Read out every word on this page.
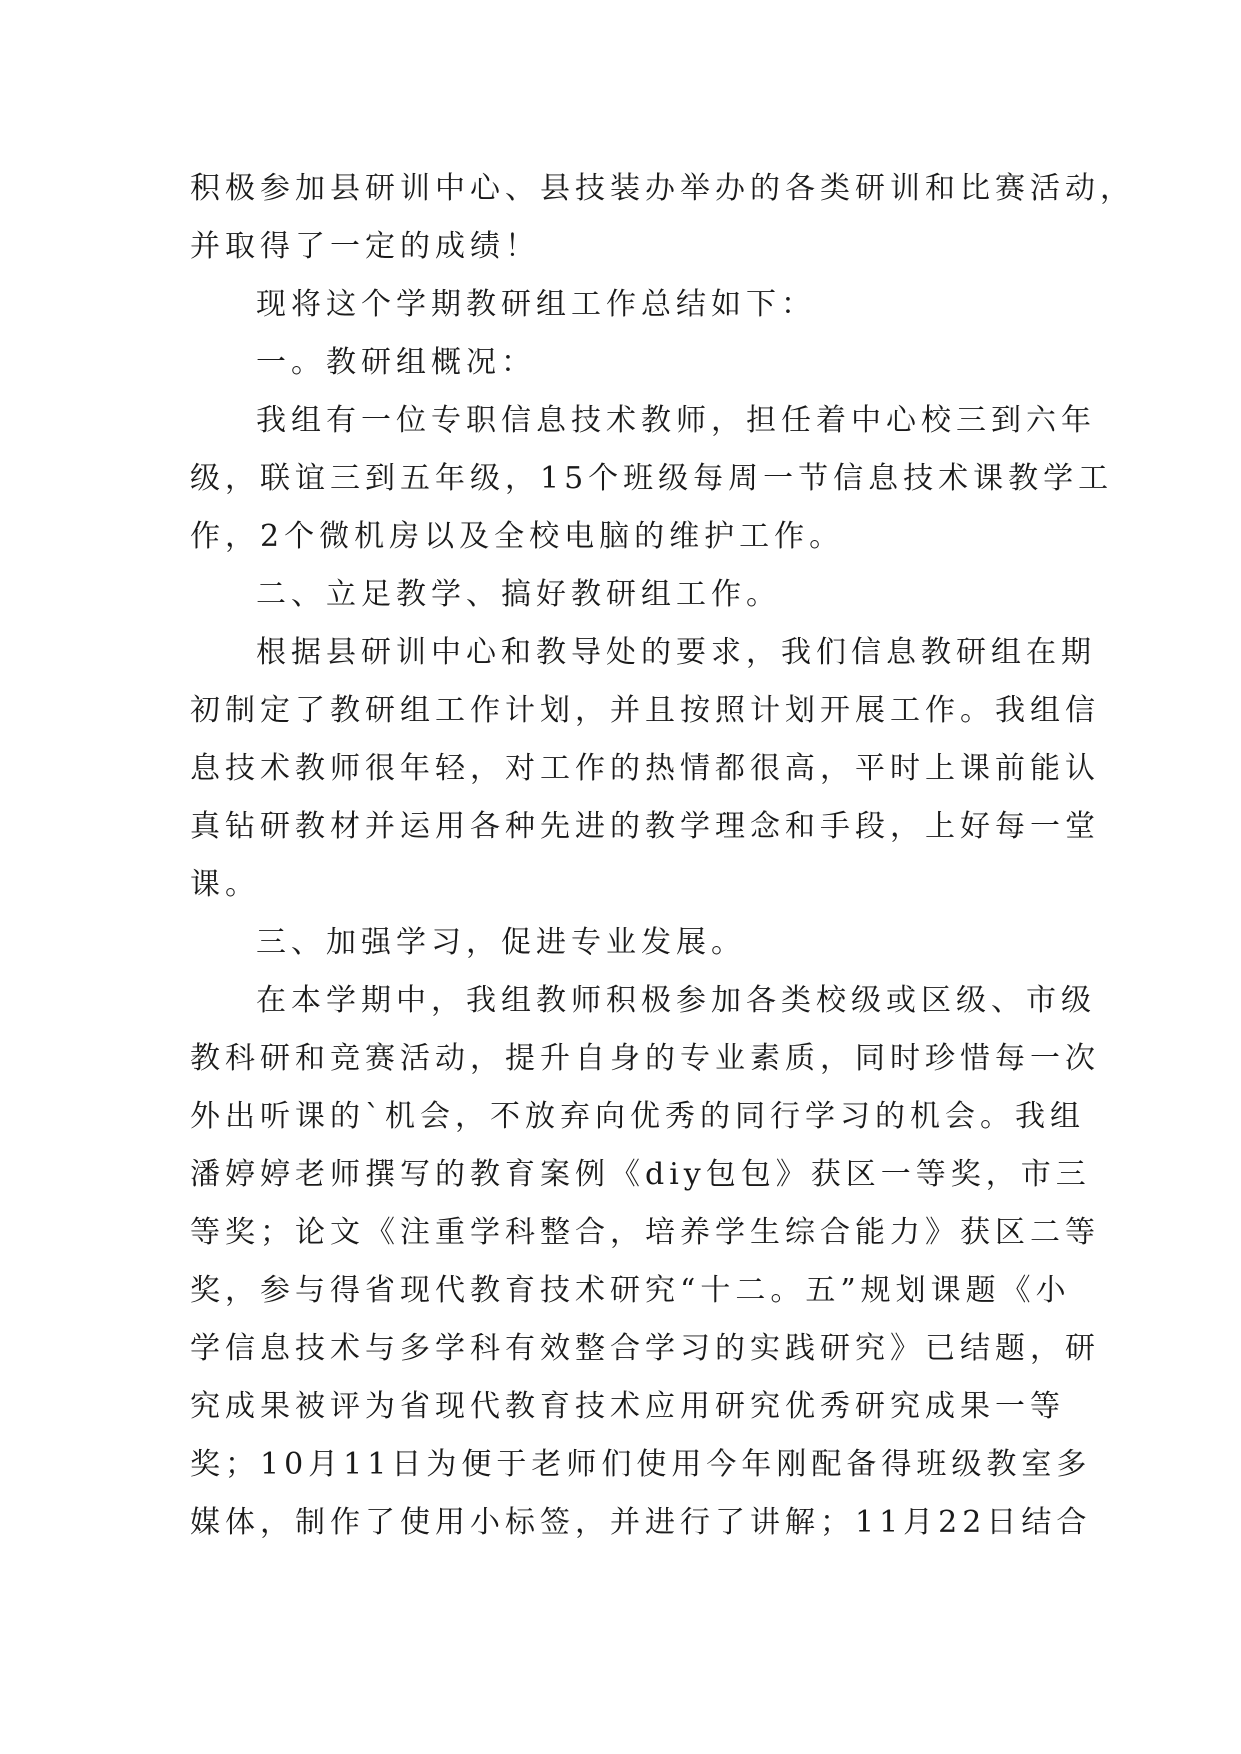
积极参加县研训中心、县技装办举办的各类研训和比赛活动，

并取得了一定的成绩！

现将这个学期教研组工作总结如下：

一。教研组概况：

我组有一位专职信息技术教师，担任着中心校三到六年

级，联谊三到五年级，15个班级每周一节信息技术课教学工

作，2个微机房以及全校电脑的维护工作。

二、立足教学、搞好教研组工作。

根据县研训中心和教导处的要求，我们信息教研组在期

初制定了教研组工作计划，并且按照计划开展工作。我组信

息技术教师很年轻，对工作的热情都很高，平时上课前能认

真钻研教材并运用各种先进的教学理念和手段，上好每一堂

课。

三、加强学习，促进专业发展。

在本学期中，我组教师积极参加各类校级或区级、市级

教科研和竞赛活动，提升自身的专业素质，同时珍惜每一次

外出听课的`机会，不放弃向优秀的同行学习的机会。我组

潘婷婷老师撰写的教育案例《diy包包》获区一等奖，市三

等奖；论文《注重学科整合，培养学生综合能力》获区二等

奖，参与得省现代教育技术研究“十二。五”规划课题《小

学信息技术与多学科有效整合学习的实践研究》已结题，研

究成果被评为省现代教育技术应用研究优秀研究成果一等

奖；10月11日为便于老师们使用今年刚配备得班级教室多

媒体，制作了使用小标签，并进行了讲解；11月22日结合
